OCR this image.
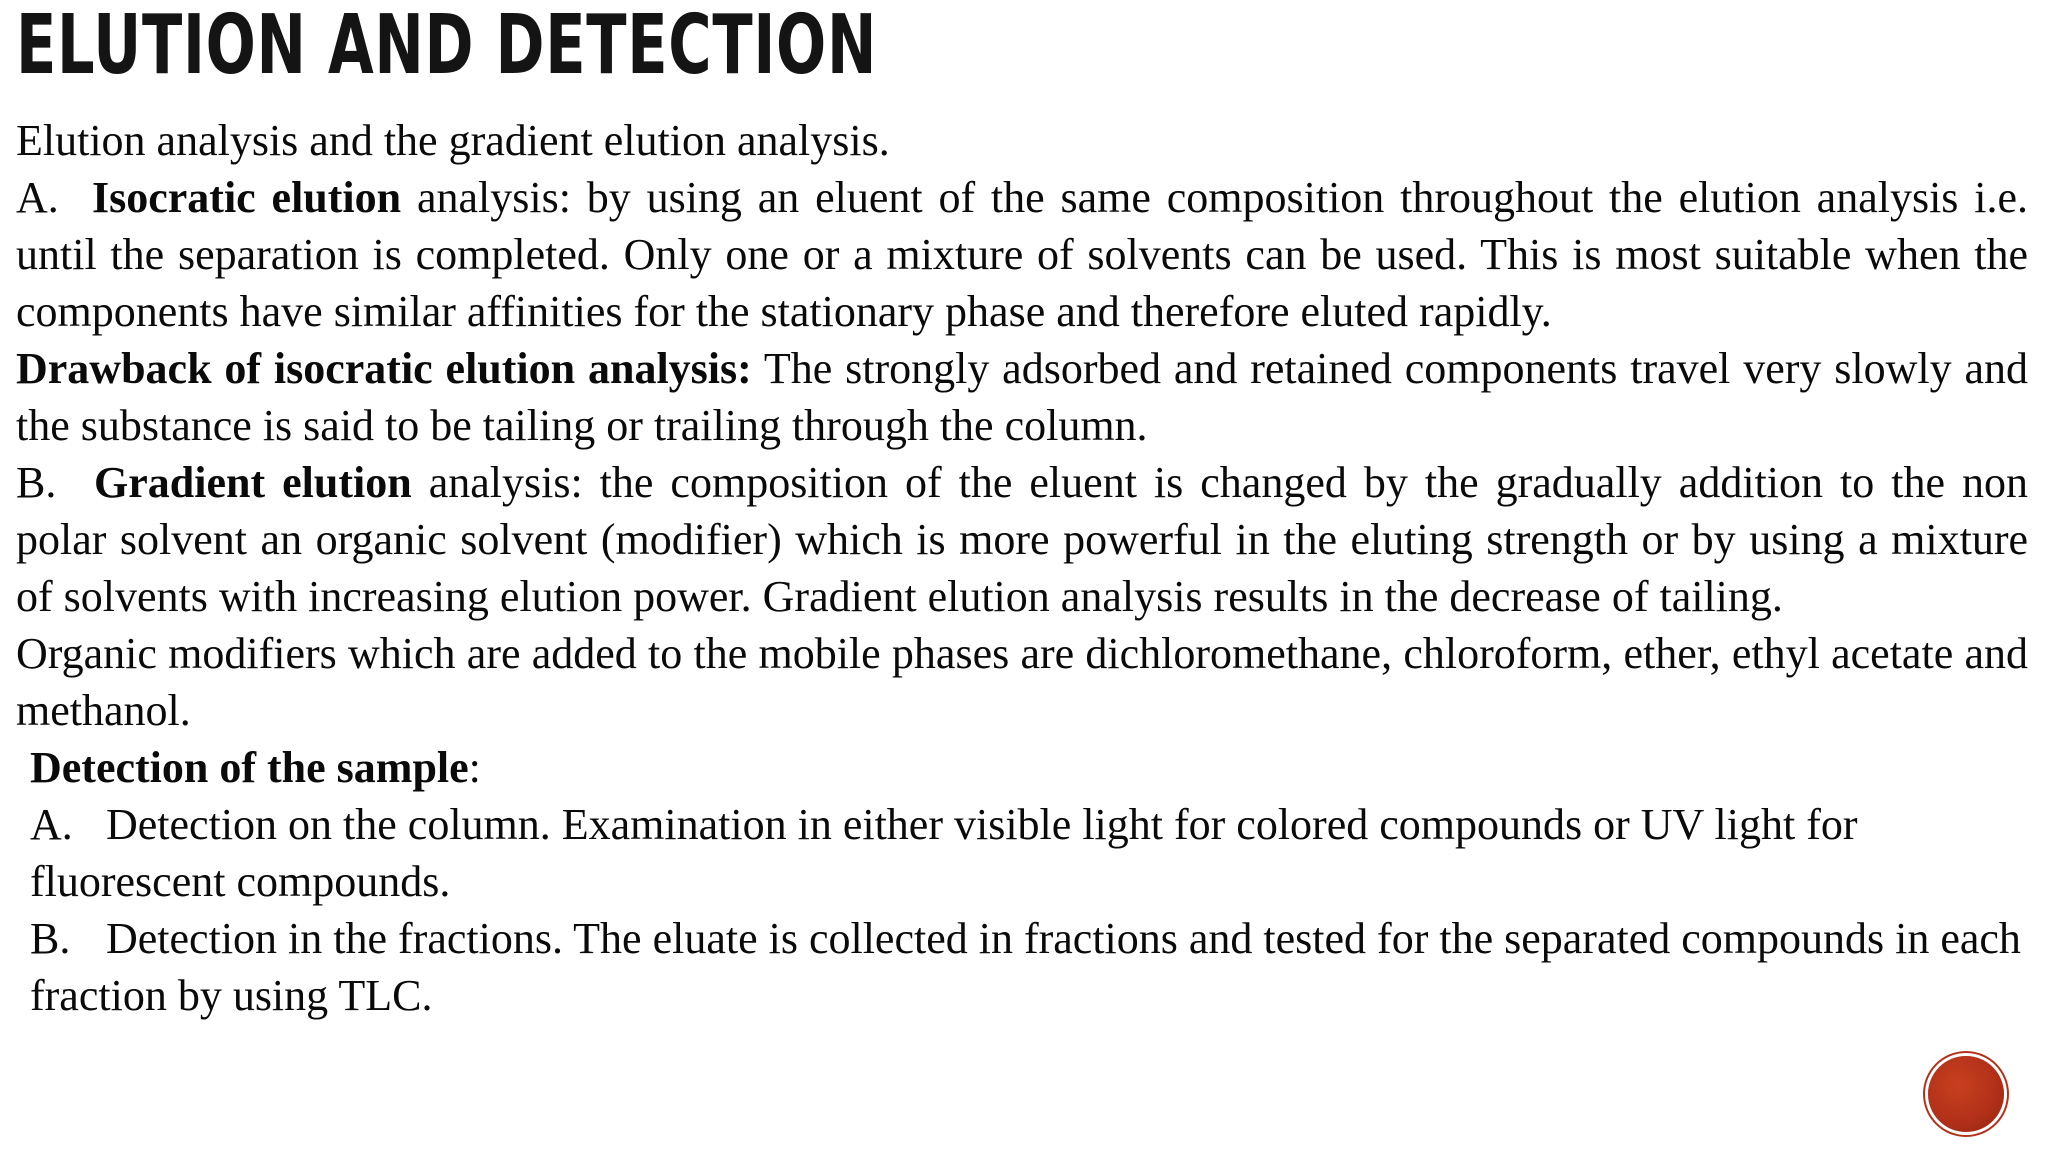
ELUTION AND DETECTION

Elution analysis and the gradient elution analysis.

A. Isocratic elution analysis: by using an eluent of the same composition throughout the elution analysis i.e. until the separation is completed. Only one or a mixture of solvents can be used. This is most suitable when the components have similar affinities for the stationary phase and therefore eluted rapidly.

Drawback of isocratic elution analysis: The strongly adsorbed and retained components travel very slowly and the substance is said to be tailing or trailing through the column.

B. Gradient elution analysis: the composition of the eluent is changed by the gradually addition to the non polar solvent an organic solvent (modifier) which is more powerful in the eluting strength or by using a mixture of solvents with increasing elution power. Gradient elution analysis results in the decrease of tailing.

Organic modifiers which are added to the mobile phases are dichloromethane, chloroform, ether, ethyl acetate and methanol.

Detection of the sample:

A. Detection on the column. Examination in either visible light for colored compounds or UV light for fluorescent compounds.

B. Detection in the fractions. The eluate is collected in fractions and tested for the separated compounds in each fraction by using TLC.
